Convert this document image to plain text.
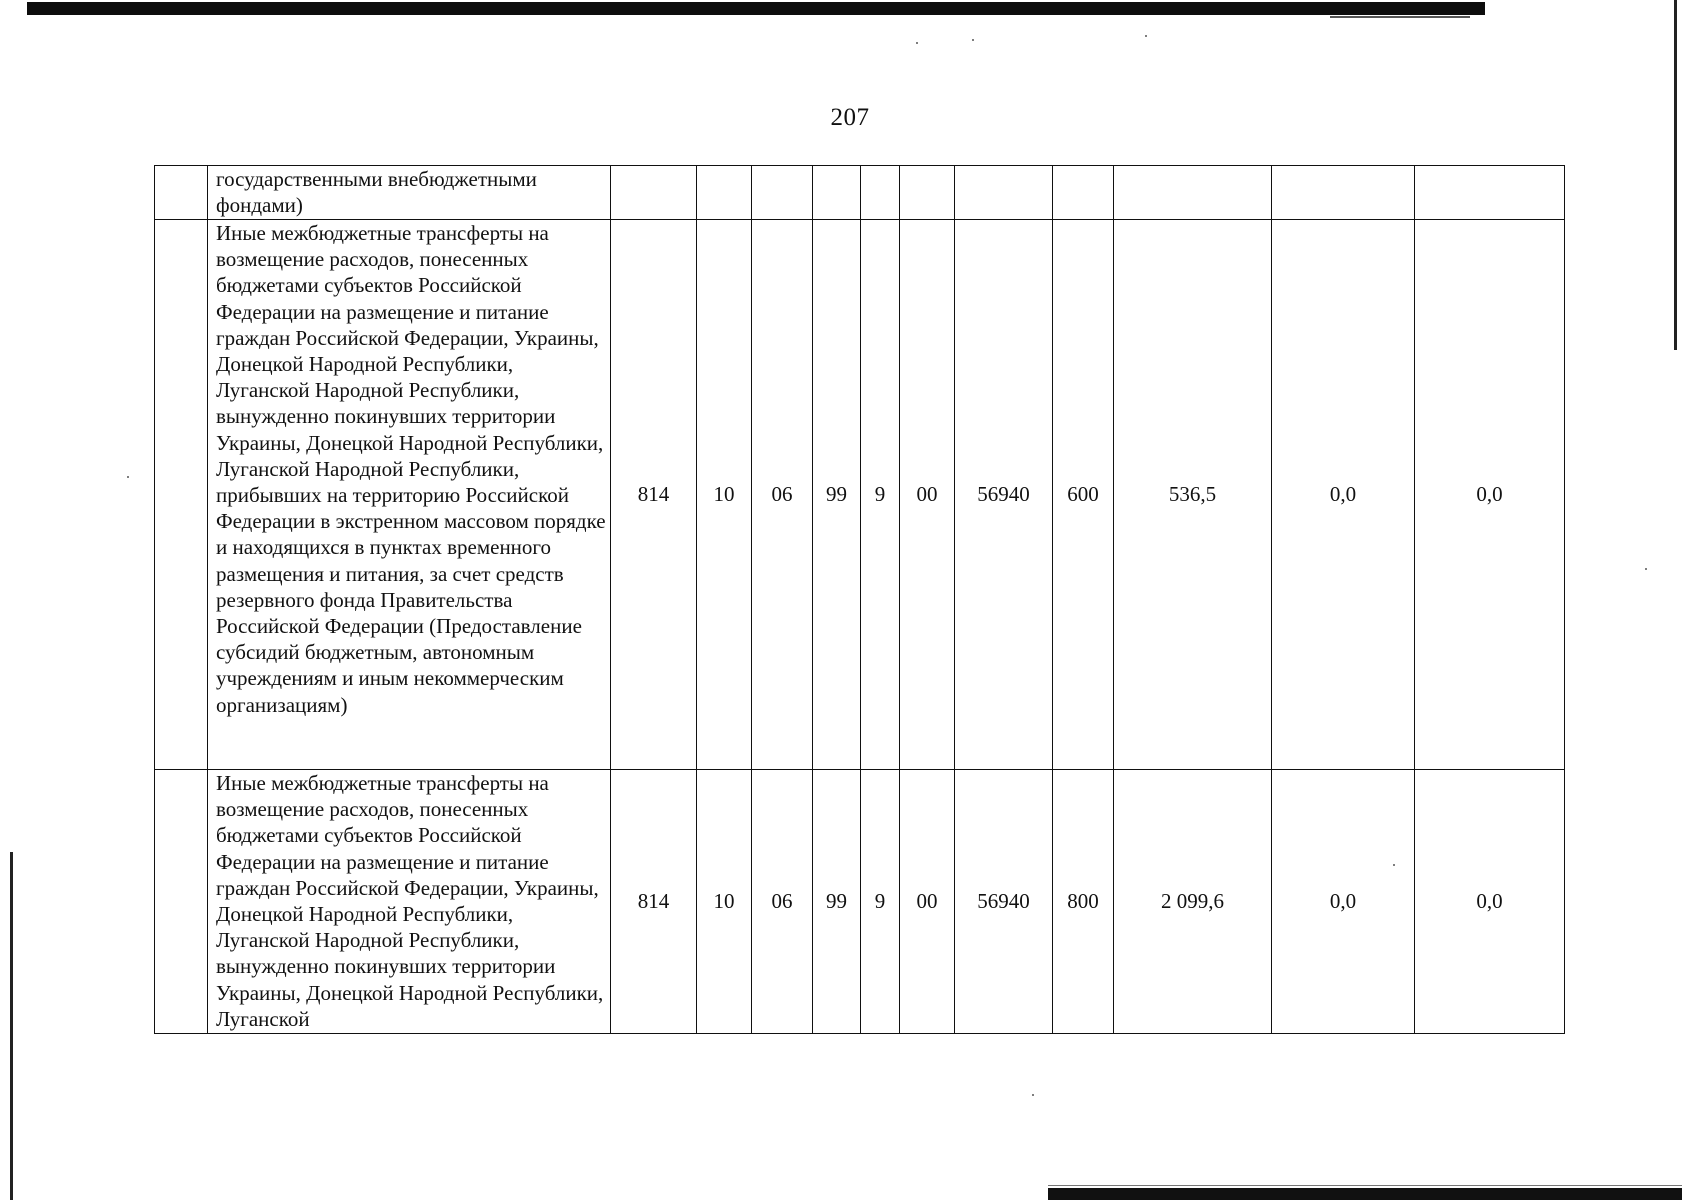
207
	государственными внебюджетными фондами)											
	Иные межбюджетные трансферты на возмещение расходов, понесенных бюджетами субъектов Российской Федерации на размещение и питание граждан Российской Федерации, Украины, Донецкой Народной Республики, Луганской Народной Республики, вынужденно покинувших территории Украины, Донецкой Народной Республики, Луганской Народной Республики, прибывших на территорию Российской Федерации в экстренном массовом порядке и находящихся в пунктах временного размещения и питания, за счет средств резервного фонда Правительства Российской Федерации (Предоставление субсидий бюджетным, автономным учреждениям и иным некоммерческим организациям)	814	10	06	99	9	00	56940	600	536,5	0,0	0,0
	Иные межбюджетные трансферты на возмещение расходов, понесенных бюджетами субъектов Российской Федерации на размещение и питание граждан Российской Федерации, Украины, Донецкой Народной Республики, Луганской Народной Республики, вынужденно покинувших территории Украины, Донецкой Народной Республики, Луганской	814	10	06	99	9	00	56940	800	2 099,6	0,0	0,0
